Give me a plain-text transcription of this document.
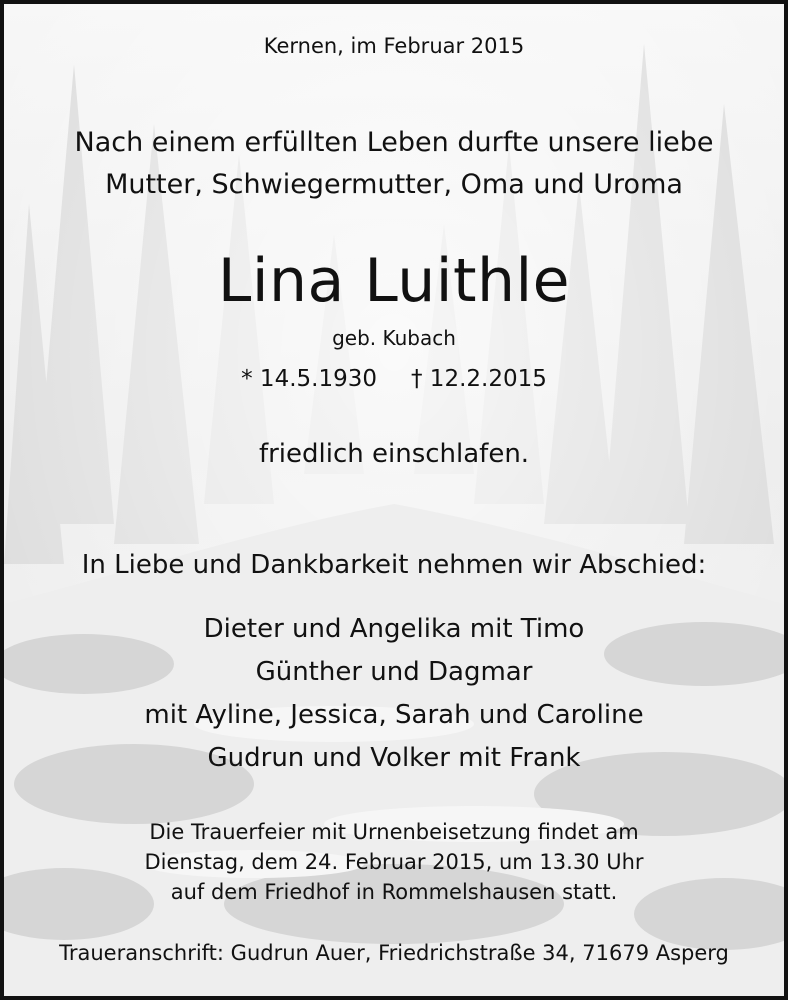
Kernen, im Februar 2015
Nach einem erfüllten Leben durfte unsere liebe
Mutter, Schwiegermutter, Oma und Uroma
Lina Luithle
geb. Kubach
* 14.5.1930 † 12.2.2015
friedlich einschlafen.
In Liebe und Dankbarkeit nehmen wir Abschied:
Dieter und Angelika mit Timo
Günther und Dagmar
mit Ayline, Jessica, Sarah und Caroline
Gudrun und Volker mit Frank
Die Trauerfeier mit Urnenbeisetzung findet am
Dienstag, dem 24. Februar 2015, um 13.30 Uhr
auf dem Friedhof in Rommelshausen statt.
Traueranschrift: Gudrun Auer, Friedrichstraße 34, 71679 Asperg
